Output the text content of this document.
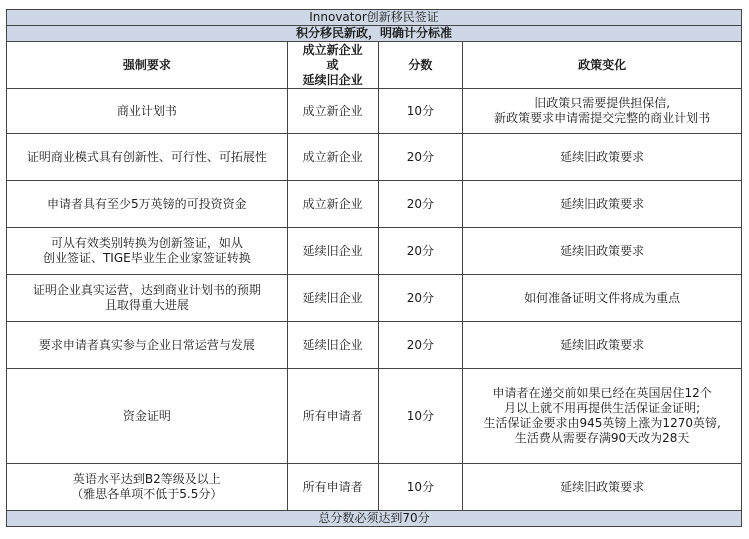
Innovator创新移民签证
积分移民新政，明确计分标准
强制要求	成立新企业
或
延续旧企业	分数	政策变化

商业计划书	成立新企业	10分	旧政策只需要提供担保信,
新政策要求申请需提交完整的商业计划书

证明商业模式具有创新性、可行性、可拓展性	成立新企业	20分	延续旧政策要求

申请者具有至少5万英镑的可投资资金	成立新企业	20分	延续旧政策要求

可从有效类别转换为创新签证，如从
创业签证、TIGE毕业生企业家签证转换	延续旧企业	20分	延续旧政策要求

证明企业真实运营，达到商业计划书的预期
且取得重大进展	延续旧企业	20分	如何准备证明文件将成为重点

要求申请者真实参与企业日常运营与发展	延续旧企业	20分	延续旧政策要求

资金证明	所有申请者	10分	申请者在递交前如果已经在英国居住12个
月以上就不用再提供生活保证金证明;
生活保证金要求由945英镑上涨为1270英镑,
生活费从需要存满90天改为28天

英语水平达到B2等级及以上
（雅思各单项不低于5.5分）	所有申请者	10分	延续旧政策要求
总分数必须达到70分
